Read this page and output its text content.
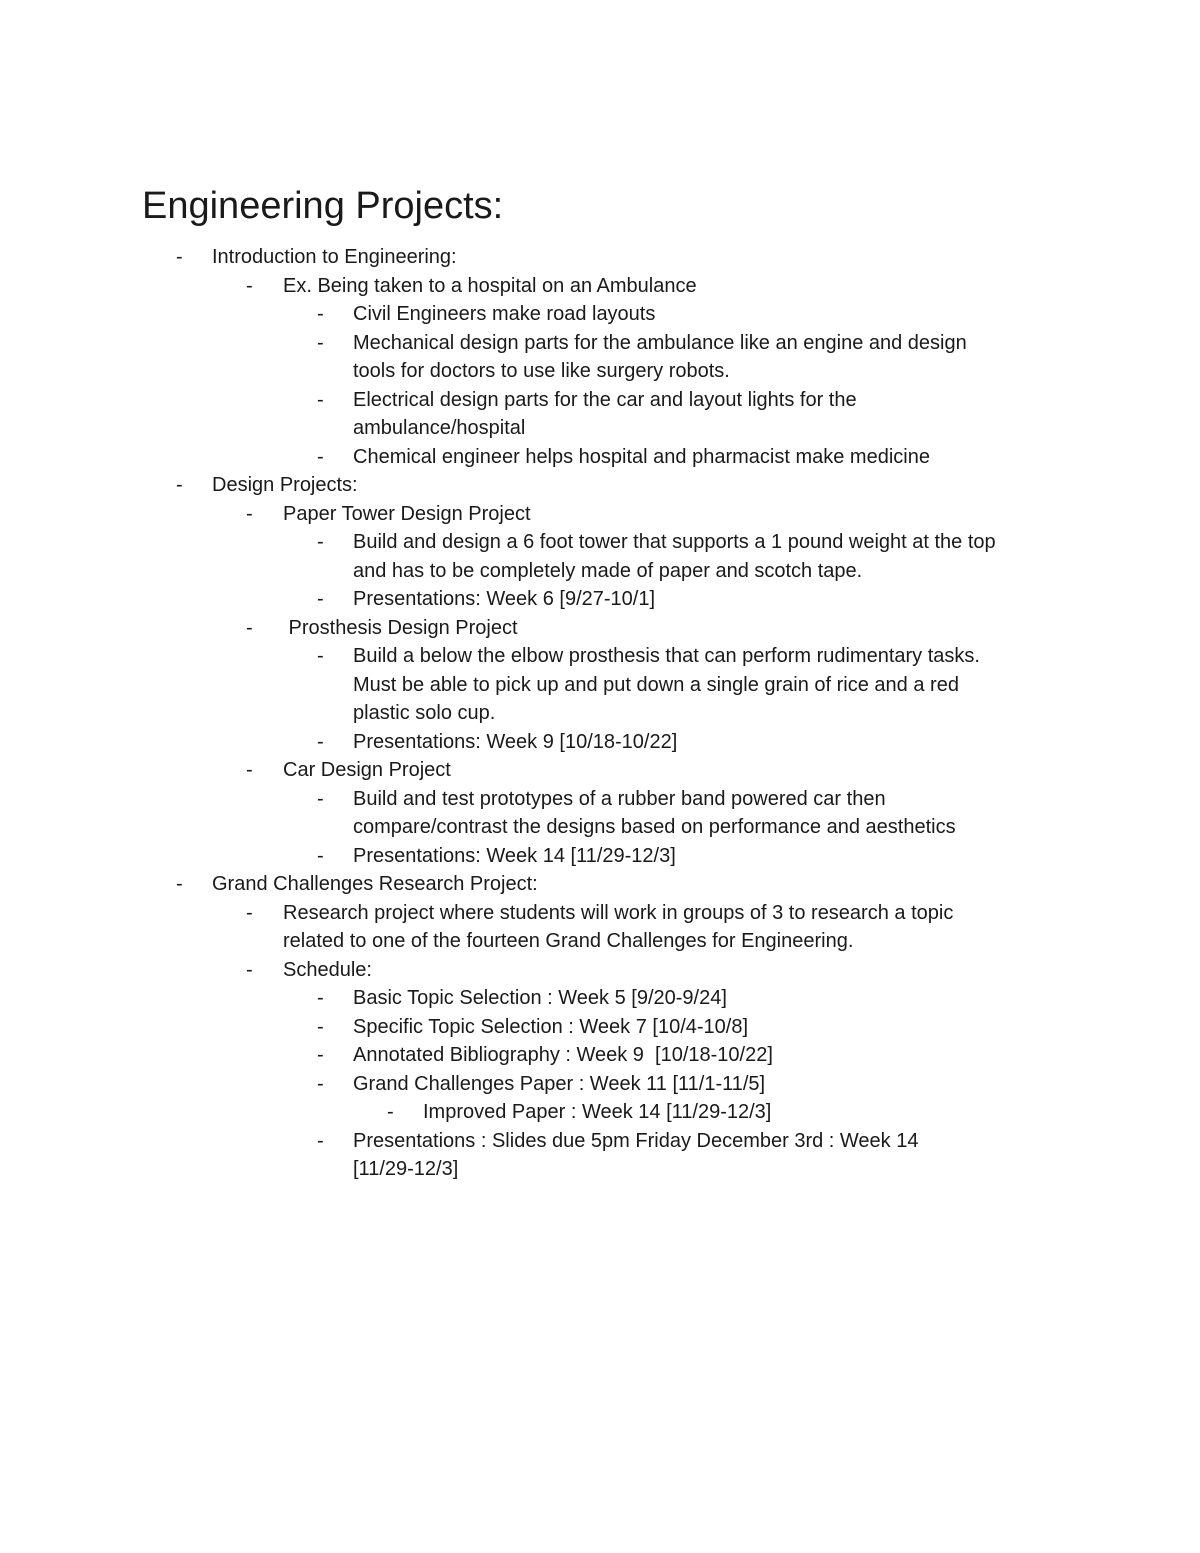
Engineering Projects:
- Introduction to Engineering:
- Ex. Being taken to a hospital on an Ambulance
- Civil Engineers make road layouts
- Mechanical design parts for the ambulance like an engine and design
tools for doctors to use like surgery robots.
- Electrical design parts for the car and layout lights for the
ambulance/hospital
- Chemical engineer helps hospital and pharmacist make medicine
- Design Projects:
- Paper Tower Design Project
- Build and design a 6 foot tower that supports a 1 pound weight at the top
and has to be completely made of paper and scotch tape.
- Presentations: Week 6 [9/27-10/1]
- Prosthesis Design Project
- Build a below the elbow prosthesis that can perform rudimentary tasks.
Must be able to pick up and put down a single grain of rice and a red
plastic solo cup.
- Presentations: Week 9 [10/18-10/22]
- Car Design Project
- Build and test prototypes of a rubber band powered car then
compare/contrast the designs based on performance and aesthetics
- Presentations: Week 14 [11/29-12/3]
- Grand Challenges Research Project:
- Research project where students will work in groups of 3 to research a topic
related to one of the fourteen Grand Challenges for Engineering.
- Schedule:
- Basic Topic Selection : Week 5 [9/20-9/24]
- Specific Topic Selection : Week 7 [10/4-10/8]
- Annotated Bibliography : Week 9  [10/18-10/22]
- Grand Challenges Paper : Week 11 [11/1-11/5]
- Improved Paper : Week 14 [11/29-12/3]
- Presentations : Slides due 5pm Friday December 3rd : Week 14
[11/29-12/3]
